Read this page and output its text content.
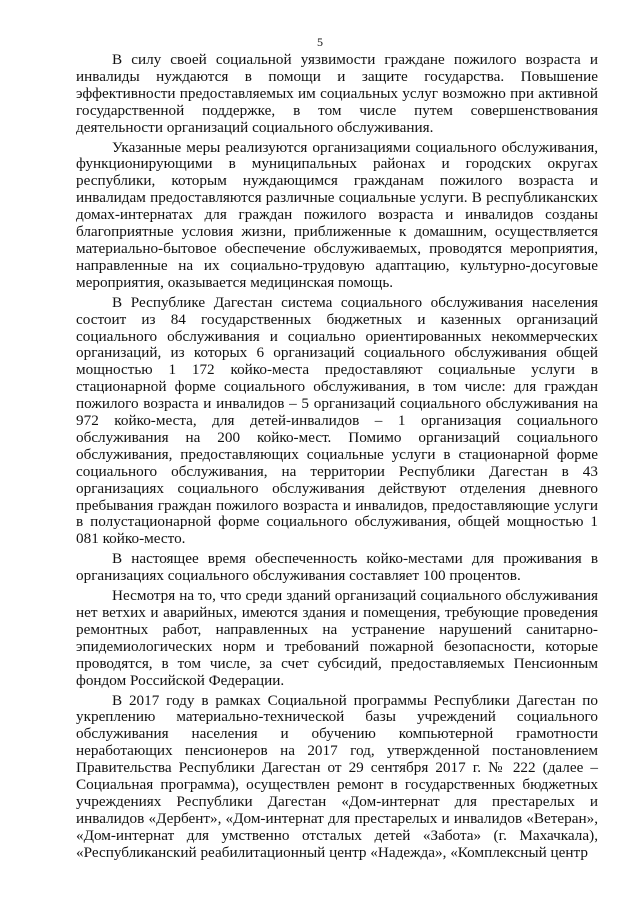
5

В силу своей социальной уязвимости граждане пожилого возраста и инвалиды нуждаются в помощи и защите государства. Повышение эффективности предоставляемых им социальных услуг возможно при активной государственной поддержке, в том числе путем совершенствования деятельности организаций социального обслуживания.

Указанные меры реализуются организациями социального обслуживания, функционирующими в муниципальных районах и городских округах республики, которым нуждающимся гражданам пожилого возраста и инвалидам предоставляются различные социальные услуги. В республиканских домах-интернатах для граждан пожилого возраста и инвалидов созданы благоприятные условия жизни, приближенные к домашним, осуществляется материально-бытовое обеспечение обслуживаемых, проводятся мероприятия, направленные на их социально-трудовую адаптацию, культурно-досуговые мероприятия, оказывается медицинская помощь.

В Республике Дагестан система социального обслуживания населения состоит из 84 государственных бюджетных и казенных организаций социального обслуживания и социально ориентированных некоммерческих организаций, из которых 6 организаций социального обслуживания общей мощностью 1 172 койко-места предоставляют социальные услуги в стационарной форме социального обслуживания, в том числе: для граждан пожилого возраста и инвалидов – 5 организаций социального обслуживания на 972 койко-места, для детей-инвалидов – 1 организация социального обслуживания на 200 койко-мест. Помимо организаций социального обслуживания, предоставляющих социальные услуги в стационарной форме социального обслуживания, на территории Республики Дагестан в 43 организациях социального обслуживания действуют отделения дневного пребывания граждан пожилого возраста и инвалидов, предоставляющие услуги в полустационарной форме социального обслуживания, общей мощностью 1 081 койко-место.

В настоящее время обеспеченность койко-местами для проживания в организациях социального обслуживания составляет 100 процентов.

Несмотря на то, что среди зданий организаций социального обслуживания нет ветхих и аварийных, имеются здания и помещения, требующие проведения ремонтных работ, направленных на устранение нарушений санитарно-эпидемиологических норм и требований пожарной безопасности, которые проводятся, в том числе, за счет субсидий, предоставляемых Пенсионным фондом Российской Федерации.

В 2017 году в рамках Социальной программы Республики Дагестан по укреплению материально-технической базы учреждений социального обслуживания населения и обучению компьютерной грамотности неработающих пенсионеров на 2017 год, утвержденной постановлением Правительства Республики Дагестан от 29 сентября 2017 г. № 222 (далее – Социальная программа), осуществлен ремонт в государственных бюджетных учреждениях Республики Дагестан «Дом-интернат для престарелых и инвалидов «Дербент», «Дом-интернат для престарелых и инвалидов «Ветеран», «Дом-интернат для умственно отсталых детей «Забота» (г. Махачкала), «Республиканский реабилитационный центр «Надежда», «Комплексный центр
